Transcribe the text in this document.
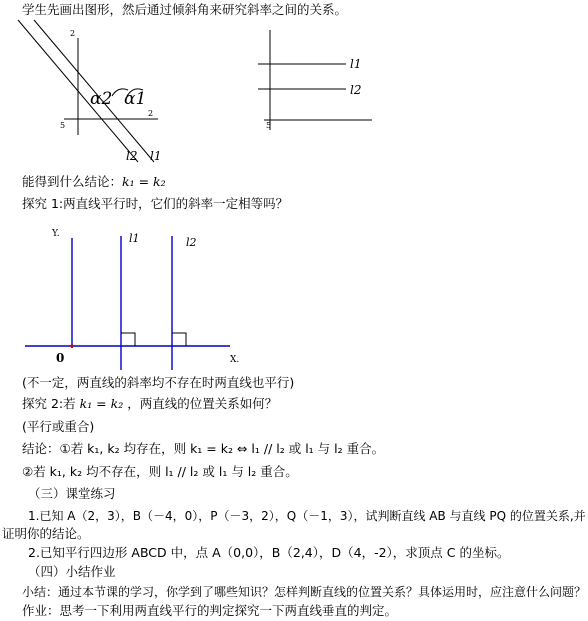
学生先画出图形，然后通过倾斜角来研究斜率之间的关系。
2
5
2
α2 α1
l2 l1
5
l1
l2
Y.
X.
0
l1	l2
能得到什么结论：k₁ = k₂
探究 1:两直线平行时，它们的斜率一定相等吗？
(不一定，两直线的斜率均不存在时两直线也平行)
探究 2:若 k₁ = k₂ ，两直线的位置关系如何？
(平行或重合)
结论：①若 k₁, k₂ 均存在，则 k₁ = k₂ ⇔ l₁ // l₂ 或 l₁ 与 l₂ 重合。
②若 k₁, k₂ 均不存在，则 l₁ // l₂ 或 l₁ 与 l₂ 重合。
（三）课堂练习
1.已知 A（2，3），B（－4，0），P（－3，2），Q（－1，3），试判断直线 AB 与直线 PQ 的位置关系,并
证明你的结论。
2.已知平行四边形 ABCD 中，点 A（0,0），B（2,4），D（4，-2），求顶点 C 的坐标。
（四）小结作业
小结：通过本节课的学习，你学到了哪些知识？怎样判断直线的位置关系？具体运用时，应注意什么问题？
作业：思考一下利用两直线平行的判定探究一下两直线垂直的判定。
